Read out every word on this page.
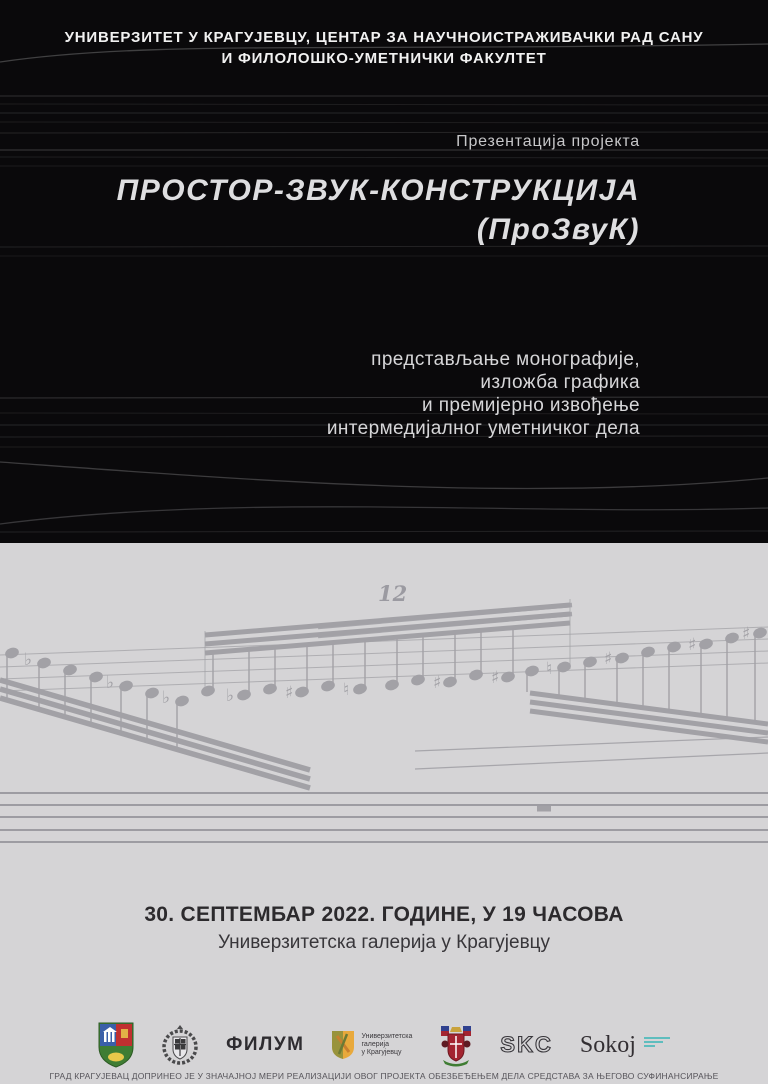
УНИВЕРЗИТЕТ У КРАГУЈЕВЦУ, ЦЕНТАР ЗА НАУЧНОИСТРАЖИВАЧКИ РАД САНУ
И ФИЛОЛОШКО-УМЕТНИЧКИ ФАКУЛТЕТ
Презентација пројекта
ПРОСТОР-ЗВУК-КОНСТРУКЦИЈА
(ПроЗвуК)
представљање монографије,
изложба графика
и премијерно извођење
интермедијалног уметничког дела
12
♭
♭
♭	♭	♯	♮	♯	♯	♮	♯
♯
♯
30. СЕПТЕМБАР 2022. ГОДИНЕ, У 19 ЧАСОВА
Универзитетска галерија у Крагујевцу
ФИЛУМ	Универзитетска
галерија
у Крагујевцу	SKC Sokoj
ГРАД КРАГУЈЕВАЦ ДОПРИНЕО ЈЕ У ЗНАЧАЈНОЈ МЕРИ РЕАЛИЗАЦИЈИ ОВОГ ПРОЈЕКТА ОБЕЗБЕЂЕЊЕМ ДЕЛА СРЕДСТАВА ЗА ЊЕГОВО СУФИНАНСИРАЊЕ
